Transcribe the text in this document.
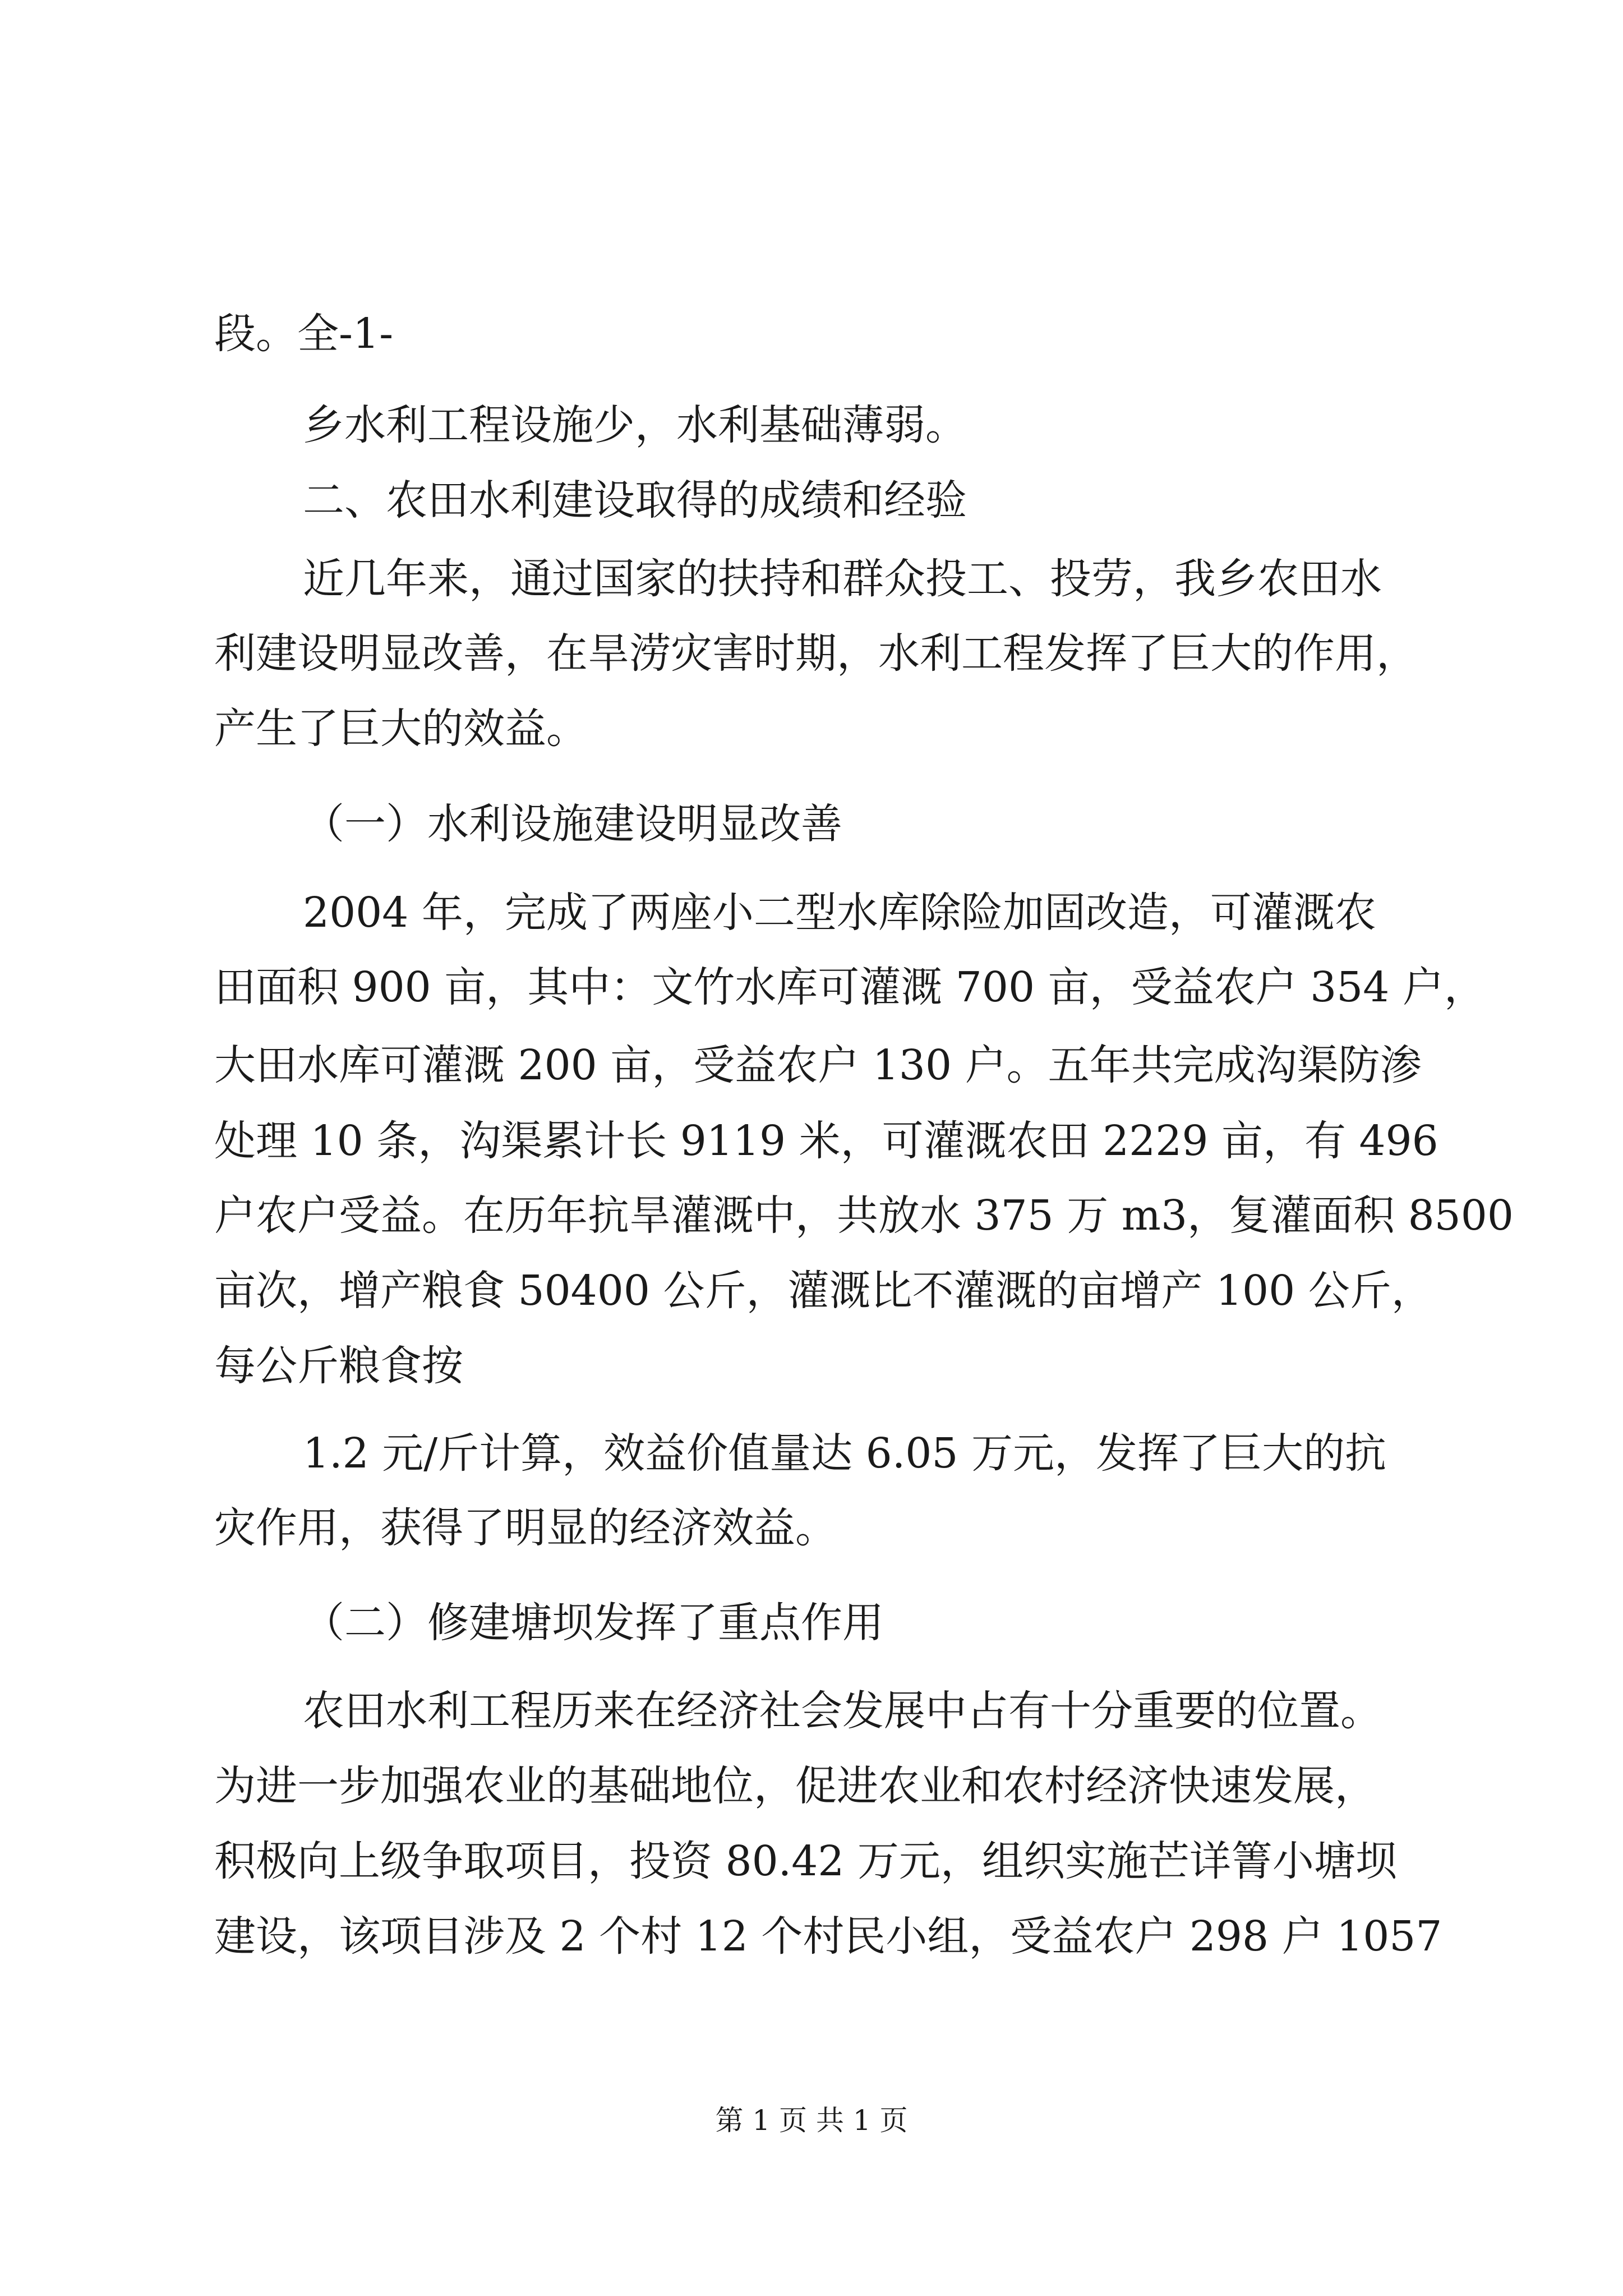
段。全-1-
乡水利工程设施少，水利基础薄弱。
二、农田水利建设取得的成绩和经验
近几年来，通过国家的扶持和群众投工、投劳，我乡农田水
利建设明显改善，在旱涝灾害时期，水利工程发挥了巨大的作用，
产生了巨大的效益。
（一）水利设施建设明显改善
2004 年，完成了两座小二型水库除险加固改造，可灌溉农
田面积 900 亩，其中：文竹水库可灌溉 700 亩，受益农户 354 户，
大田水库可灌溉 200 亩，受益农户 130 户。五年共完成沟渠防渗
处理 10 条，沟渠累计长 9119 米，可灌溉农田 2229 亩，有 496
户农户受益。在历年抗旱灌溉中，共放水 375 万 m3，复灌面积 8500
亩次，增产粮食 50400 公斤，灌溉比不灌溉的亩增产 100 公斤，
每公斤粮食按
1.2 元/斤计算，效益价值量达 6.05 万元，发挥了巨大的抗
灾作用，获得了明显的经济效益。
（二）修建塘坝发挥了重点作用
农田水利工程历来在经济社会发展中占有十分重要的位置。
为进一步加强农业的基础地位，促进农业和农村经济快速发展，
积极向上级争取项目，投资 80.42 万元，组织实施芒详箐小塘坝
建设，该项目涉及 2 个村 12 个村民小组，受益农户 298 户 1057
第 1 页 共 1 页
